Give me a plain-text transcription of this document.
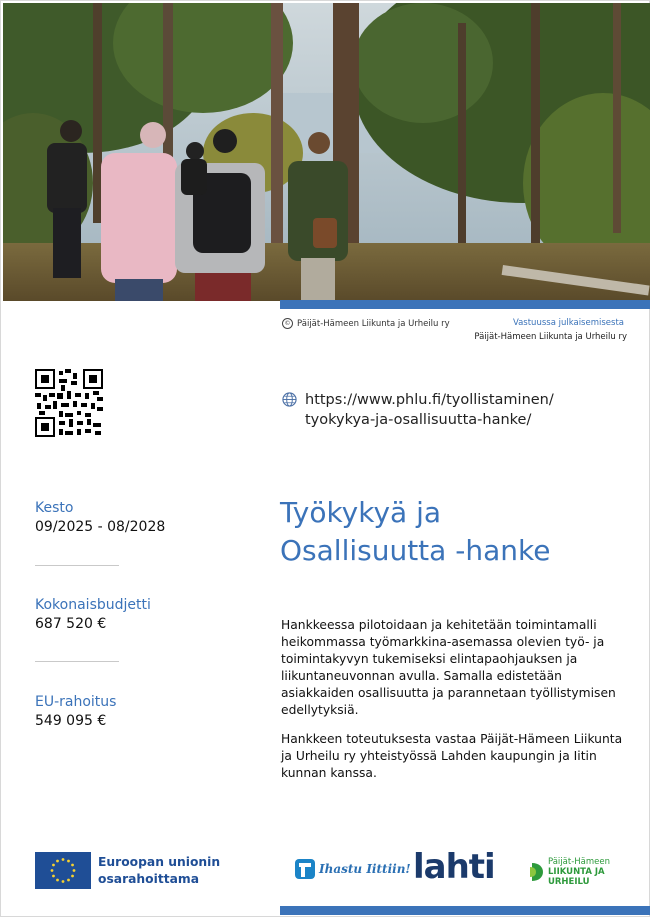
© Päijät-Hämeen Liikunta ja Urheilu ry	Vastuussa julkaisemisesta
Päijät-Hämeen Liikunta ja Urheilu ry
https://www.phlu.fi/tyollistaminen/
tyokykya-ja-osallisuutta-hanke/
Kesto
09/2025 - 08/2028
Kokonaisbudjetti
687 520 €
EU-rahoitus
549 095 €
Työkykyä ja
Osallisuutta -hanke
Hankkeessa pilotoidaan ja kehitetään toimintamalli heikommassa työmarkkina-asemassa olevien työ- ja toimintakyvyn tukemiseksi elintapaohjauksen ja liikuntaneuvonnan avulla. Samalla edistetään asiakkaiden osallisuutta ja parannetaan työllistymisen edellytyksiä.
Hankkeen toteutuksesta vastaa Päijät-Hämeen Liikunta ja Urheilu ry yhteistyössä Lahden kaupungin ja Iitin kunnan kanssa.
Euroopan unionin
osarahoittama
Ihastu Iittiin! lahti	Päijät-Hämeen
LIIKUNTA JA URHEILU
